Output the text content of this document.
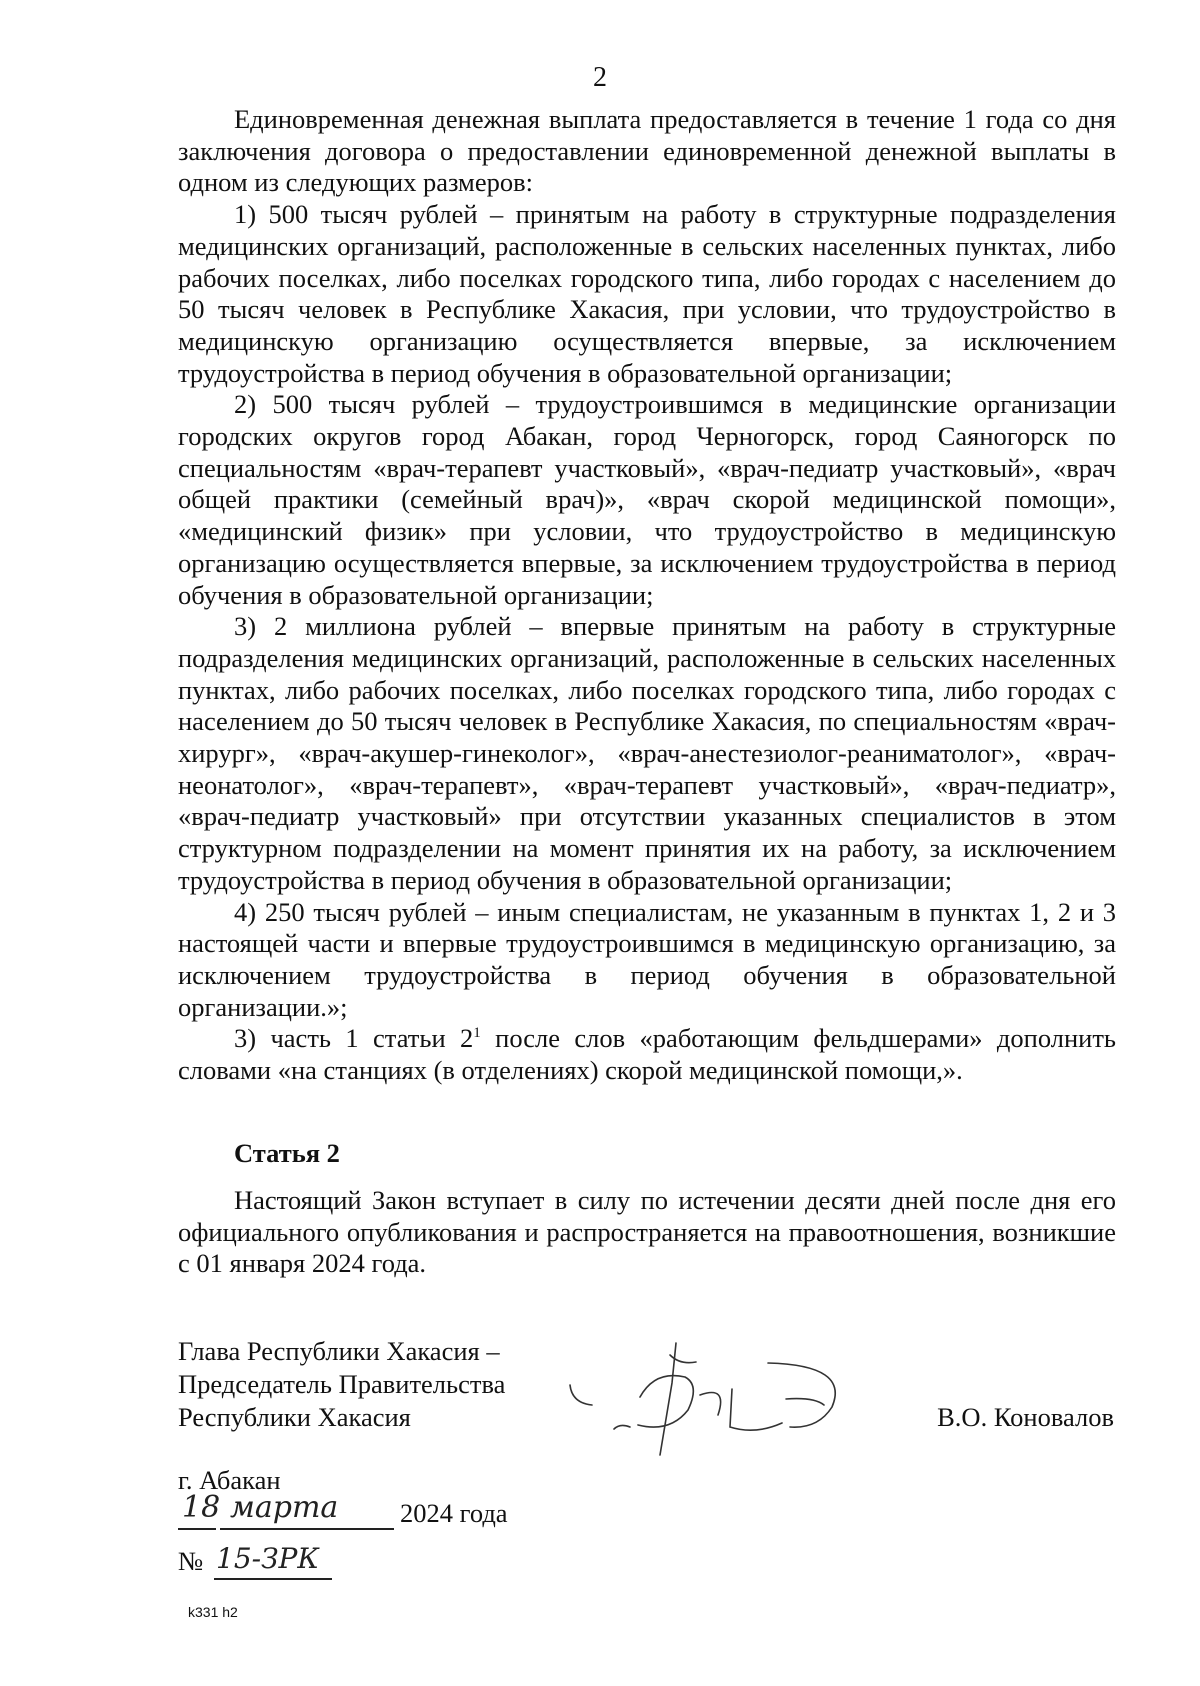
2

Единовременная денежная выплата предоставляется в течение 1 года со дня заключения договора о предоставлении единовременной денежной выплаты в одном из следующих размеров:

1) 500 тысяч рублей – принятым на работу в структурные подразделения медицинских организаций, расположенные в сельских населенных пунктах, либо рабочих поселках, либо поселках городского типа, либо городах с населением до 50 тысяч человек в Республике Хакасия, при условии, что трудоустройство в медицинскую организацию осуществляется впервые, за исключением трудоустройства в период обучения в образовательной организации;

2) 500 тысяч рублей – трудоустроившимся в медицинские организации городских округов город Абакан, город Черногорск, город Саяногорск по специальностям «врач-терапевт участковый», «врач-педиатр участковый», «врач общей практики (семейный врач)», «врач скорой медицинской помощи», «медицинский физик» при условии, что трудоустройство в медицинскую организацию осуществляется впервые, за исключением трудоустройства в период обучения в образовательной организации;

3) 2 миллиона рублей – впервые принятым на работу в структурные подразделения медицинских организаций, расположенные в сельских населенных пунктах, либо рабочих поселках, либо поселках городского типа, либо городах с населением до 50 тысяч человек в Республике Хакасия, по специальностям «врач-хирург», «врач-акушер-гинеколог», «врач-анестезиолог-реаниматолог», «врач-неонатолог», «врач-терапевт», «врач-терапевт участковый», «врач-педиатр», «врач-педиатр участковый» при отсутствии указанных специалистов в этом структурном подразделении на момент принятия их на работу, за исключением трудоустройства в период обучения в образовательной организации;

4) 250 тысяч рублей – иным специалистам, не указанным в пунктах 1, 2 и 3 настоящей части и впервые трудоустроившимся в медицинскую организацию, за исключением трудоустройства в период обучения в образовательной организации.»;

3) часть 1 статьи $2^1$ после слов «работающим фельдшерами» дополнить словами «на станциях (в отделениях) скорой медицинской помощи,».

Статья 2

Настоящий Закон вступает в силу по истечении десяти дней после дня его официального опубликования и распространяется на правоотношения, возникшие с 01 января 2024 года.

Глава Республики Хакасия –
Председатель Правительства
Республики Хакасия	В.О. Коновалов
г. Абакан
18 марта 2024 года
№ 15-ЗРК
k331 h2
